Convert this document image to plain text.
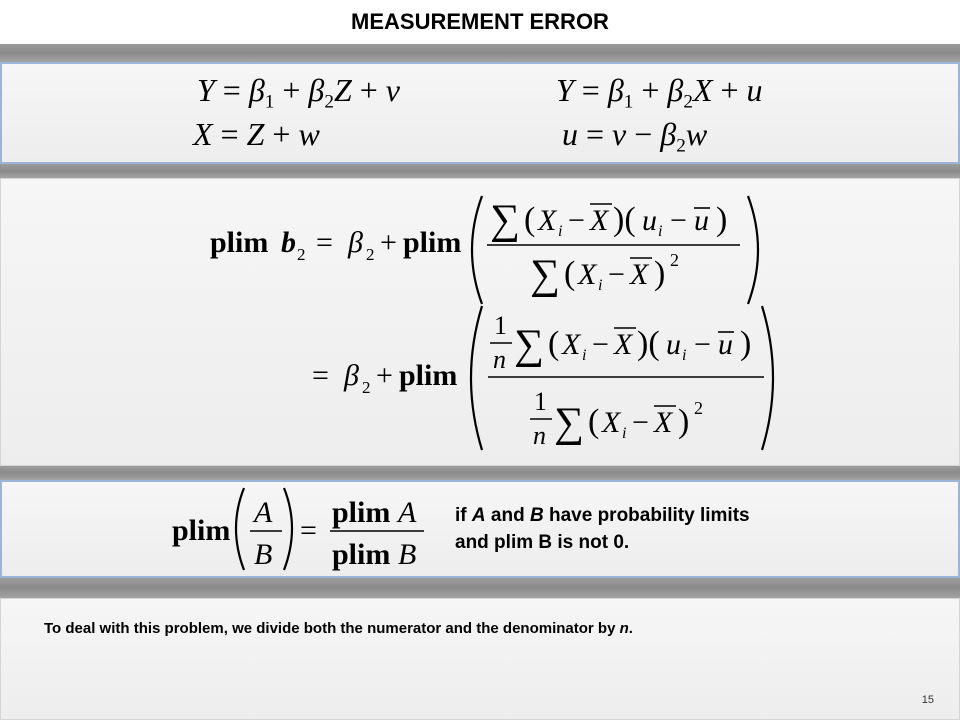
MEASUREMENT ERROR
$Y = \beta_1 + \beta_2Z + v$
X = Z + w
$Y = \beta_1 + \beta_2X + u$
$u = v - \beta_2w$
plim b 2 = β 2 + plim ∑ ( X i − X )( u i − u )
∑ ( X i − X ) 2
= β 2 + plim
1
n ∑ ( X i − X )( u i − u )
1
n ∑ ( X i − X ) 2
plim
A
B
=
plim A
plim B
if A and B have probability limits
and plim B is not 0.
To deal with this problem, we divide both the numerator and the denominator by n.
15
